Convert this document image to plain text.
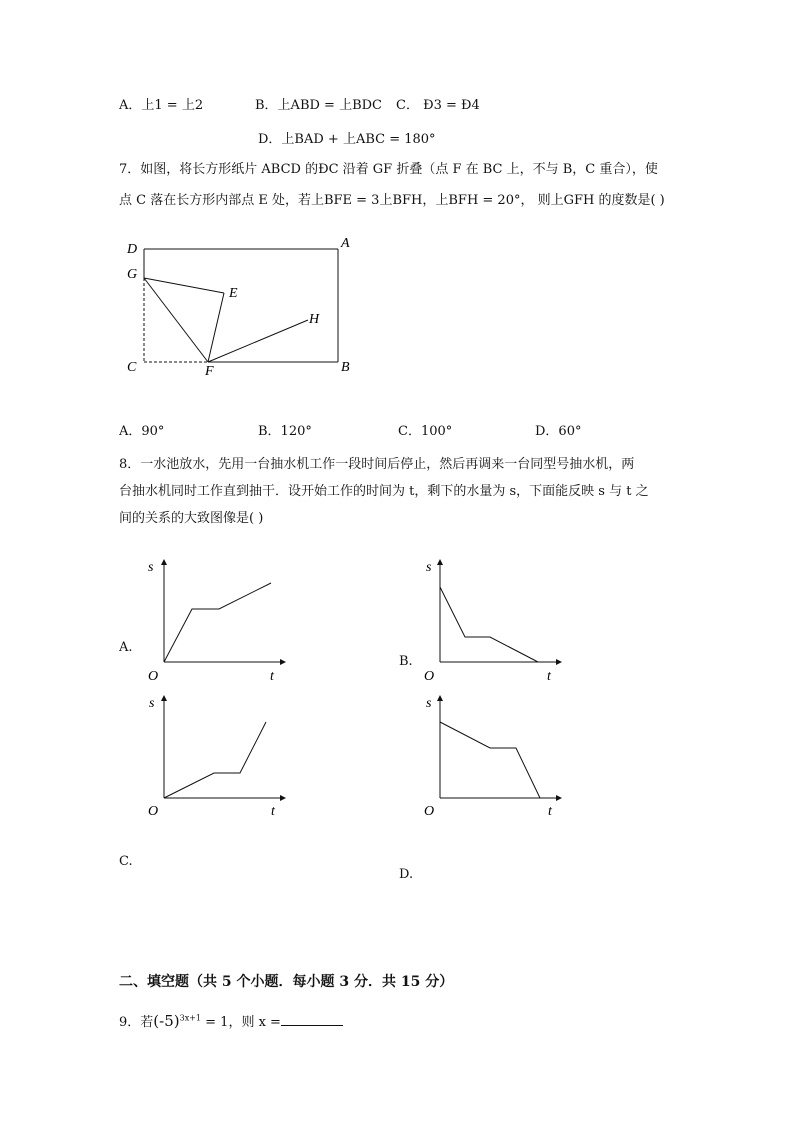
A．上1 = 上2	B．上ABD = 上BDC C． Ð3 = Ð4
D．上BAD + 上ABC = 180°
7．如图，将长方形纸片 ABCD 的ÐC 沿着 GF 折叠（点 F 在 BC 上，不与 B，C 重合），使
点 C 落在长方形内部点 E 处，若上BFE = 3上BFH，上BFH = 20°， 则上GFH 的度数是( )
D	A
G
E
H
C	F	B
A．90°	B．120°	C．100°	D．60°
8．一水池放水，先用一台抽水机工作一段时间后停止，然后再调来一台同型号抽水机，两
台抽水机同时工作直到抽干．设开始工作的时间为 t，剩下的水量为 s，下面能反映 s 与 t 之
间的关系的大致图像是( )
s
t
O
A.
s
t
O
B.
s
t
O
C.
s
t
O
D.
二、填空题（共 5 个小题．每小题 3 分．共 15 分）
9．若$(-5)^{3x+1} = 1$，则 x =
